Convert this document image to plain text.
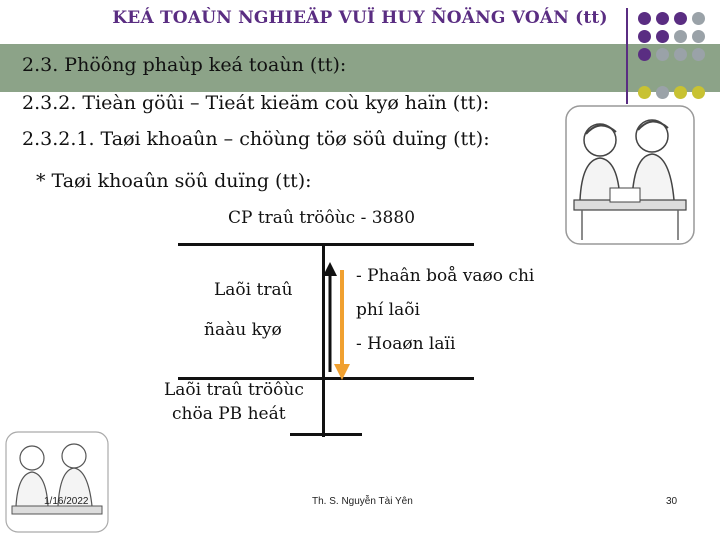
KEÁ TOAÙN NGHIEÄP VUÏ HUY ÑOÄNG VOÁN (tt)
2.3. Phöông phaùp keá toaùn (tt):
2.3.2. Tieàn göûi – Tieát kieäm coù kyø haïn (tt):
2.3.2.1. Taøi khoaûn – chöùng töø söû duïng (tt):
* Taøi khoaûn söû duïng (tt):
CP traû tröôùc - 3880
Laõi traû
ñaàu kyø
- Phaân boå vaøo chi
phí laõi
- Hoaøn laïi
Laõi traû tröôùc
chöa PB heát
1/16/2022	Th. S. Nguyễn Tài Yên	30
